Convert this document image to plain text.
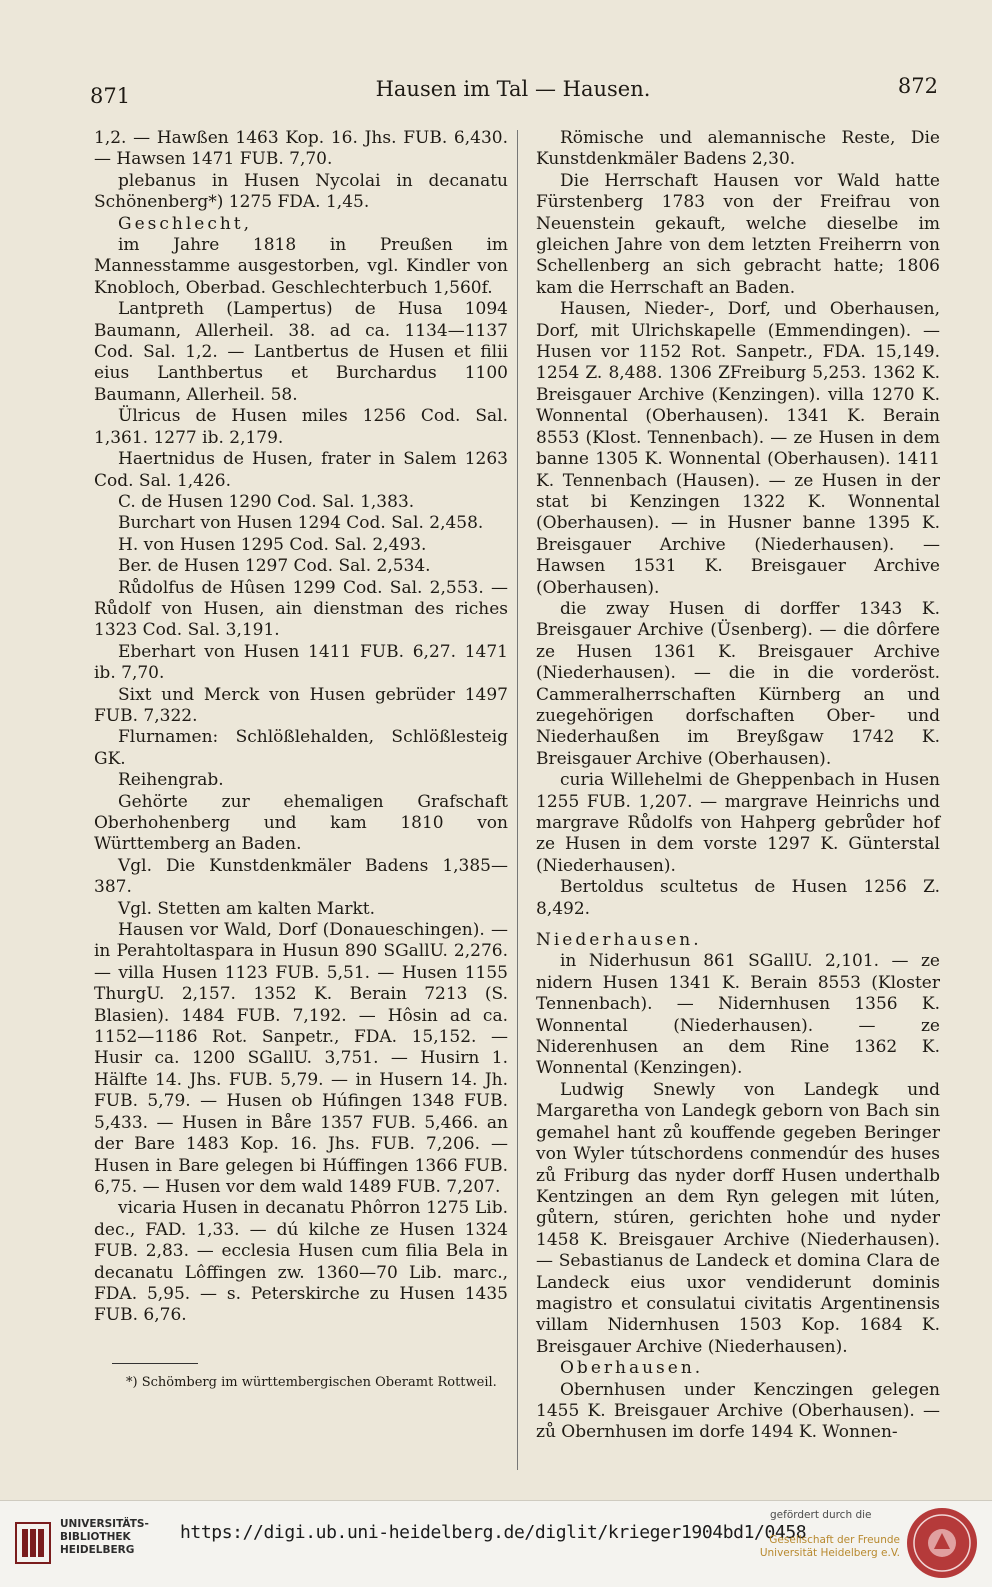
871	Hausen im Tal — Hausen.	872

1,2. — Hawßen 1463 Kop. 16. Jhs. FUB. 6,430. — Hawsen 1471 FUB. 7,70.

plebanus in Husen Nycolai in decanatu Schönenberg*) 1275 FDA. 1,45.

Geschlecht,

im Jahre 1818 in Preußen im Mannesstamme ausgestorben, vgl. Kindler von Knobloch, Oberbad. Geschlechterbuch 1,560f.

Lantpreth (Lampertus) de Husa 1094 Baumann, Allerheil. 38. ad ca. 1134—1137 Cod. Sal. 1,2. — Lantbertus de Husen et filii eius Lanthbertus et Burchardus 1100 Baumann, Allerheil. 58.

Ülricus de Husen miles 1256 Cod. Sal. 1,361. 1277 ib. 2,179.

Haertnidus de Husen, frater in Salem 1263 Cod. Sal. 1,426.

C. de Husen 1290 Cod. Sal. 1,383.

Burchart von Husen 1294 Cod. Sal. 2,458.

H. von Husen 1295 Cod. Sal. 2,493.

Ber. de Husen 1297 Cod. Sal. 2,534.

Růdolfus de Hûsen 1299 Cod. Sal. 2,553. — Růdolf von Husen, ain dienstman des riches 1323 Cod. Sal. 3,191.

Eberhart von Husen 1411 FUB. 6,27. 1471 ib. 7,70.

Sixt und Merck von Husen gebrüder 1497 FUB. 7,322.

Flurnamen: Schlößlehalden, Schlößlesteig GK.

Reihengrab.

Gehörte zur ehemaligen Grafschaft Oberhohenberg und kam 1810 von Württemberg an Baden.

Vgl. Die Kunstdenkmäler Badens 1,385—387.

Vgl. Stetten am kalten Markt.

Hausen vor Wald, Dorf (Donaueschingen). — in Perahtoltaspara in Husun 890 SGallU. 2,276. — villa Husen 1123 FUB. 5,51. — Husen 1155 ThurgU. 2,157. 1352 K. Berain 7213 (S. Blasien). 1484 FUB. 7,192. — Hôsin ad ca. 1152—1186 Rot. Sanpetr., FDA. 15,152. — Husir ca. 1200 SGallU. 3,751. — Husirn 1. Hälfte 14. Jhs. FUB. 5,79. — in Husern 14. Jh. FUB. 5,79. — Husen ob Húfingen 1348 FUB. 5,433. — Husen in Båre 1357 FUB. 5,466. an der Bare 1483 Kop. 16. Jhs. FUB. 7,206. — Husen in Bare gelegen bi Húffingen 1366 FUB. 6,75. — Husen vor dem wald 1489 FUB. 7,207.

vicaria Husen in decanatu Phôrron 1275 Lib. dec., FAD. 1,33. — dú kilche ze Husen 1324 FUB. 2,83. — ecclesia Husen cum filia Bela in decanatu Lôffingen zw. 1360—70 Lib. marc., FDA. 5,95. — s. Peterskirche zu Husen 1435 FUB. 6,76.

*) Schömberg im württembergischen Oberamt Rottweil.

Römische und alemannische Reste, Die Kunstdenkmäler Badens 2,30.

Die Herrschaft Hausen vor Wald hatte Fürstenberg 1783 von der Freifrau von Neuenstein gekauft, welche dieselbe im gleichen Jahre von dem letzten Freiherrn von Schellenberg an sich gebracht hatte; 1806 kam die Herrschaft an Baden.

Hausen, Nieder-, Dorf, und Oberhausen, Dorf, mit Ulrichskapelle (Emmendingen). — Husen vor 1152 Rot. Sanpetr., FDA. 15,149. 1254 Z. 8,488. 1306 ZFreiburg 5,253. 1362 K. Breisgauer Archive (Kenzingen). villa 1270 K. Wonnental (Oberhausen). 1341 K. Berain 8553 (Klost. Tennenbach). — ze Husen in dem banne 1305 K. Wonnental (Oberhausen). 1411 K. Tennenbach (Hausen). — ze Husen in der stat bi Kenzingen 1322 K. Wonnental (Oberhausen). — in Husner banne 1395 K. Breisgauer Archive (Niederhausen). — Hawsen 1531 K. Breisgauer Archive (Oberhausen).

die zway Husen di dorffer 1343 K. Breisgauer Archive (Üsenberg). — die dôrfere ze Husen 1361 K. Breisgauer Archive (Niederhausen). — die in die vorderöst. Cammeralherrschaften Kürnberg an und zuegehörigen dorfschaften Ober- und Niederhaußen im Breyßgaw 1742 K. Breisgauer Archive (Oberhausen).

curia Willehelmi de Gheppenbach in Husen 1255 FUB. 1,207. — margrave Heinrichs und margrave Růdolfs von Hahperg gebrůder hof ze Husen in dem vorste 1297 K. Günterstal (Niederhausen).

Bertoldus scultetus de Husen 1256 Z. 8,492.

Niederhausen.

in Niderhusun 861 SGallU. 2,101. — ze nidern Husen 1341 K. Berain 8553 (Kloster Tennenbach). — Nidernhusen 1356 K. Wonnental (Niederhausen). — ze Niderenhusen an dem Rine 1362 K. Wonnental (Kenzingen).

Ludwig Snewly von Landegk und Margaretha von Landegk geborn von Bach sin gemahel hant zů kouffende gegeben Beringer von Wyler tútschordens conmendúr des huses zů Friburg das nyder dorff Husen underthalb Kentzingen an dem Ryn gelegen mit lúten, gůtern, stúren, gerichten hohe und nyder 1458 K. Breisgauer Archive (Niederhausen). — Sebastianus de Landeck et domina Clara de Landeck eius uxor vendiderunt dominis magistro et consulatui civitatis Argentinensis villam Nidernhusen 1503 Kop. 1684 K. Breisgauer Archive (Niederhausen).

Oberhausen.

Obernhusen under Kenczingen gelegen 1455 K. Breisgauer Archive (Oberhausen). — zů Obernhusen im dorfe 1494 K. Wonnen-

UNIVERSITÄTS-
BIBLIOTHEK
HEIDELBERG
https://digi.ub.uni-heidelberg.de/diglit/krieger1904bd1/0458
gefördert durch die
Gesellschaft der Freunde
Universität Heidelberg e.V.
